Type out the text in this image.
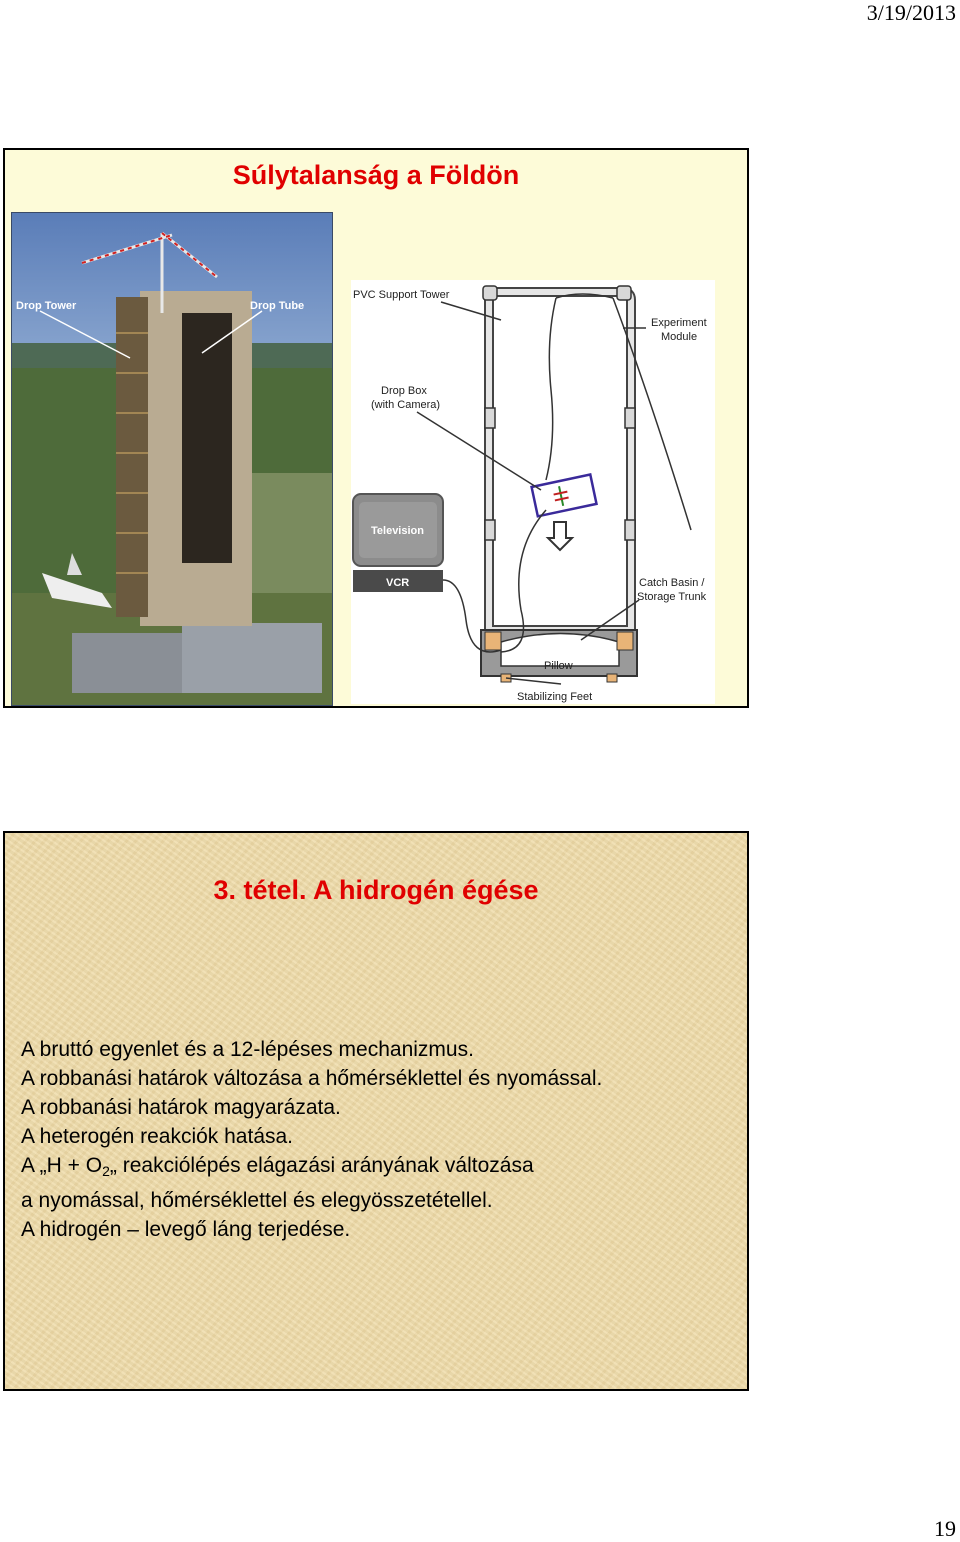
3/19/2013
Súlytalanság a Földön
Drop Tower	Drop Tube
Television
VCR
PVC Support Tower
Experiment
Module
Drop Box
(with Camera)
Catch Basin /
Storage Trunk
Pillow
Stabilizing Feet
3. tétel. A hidrogén égése
A bruttó egyenlet és a 12-lépéses mechanizmus.
A robbanási határok változása a hőmérséklettel és nyomással.
A robbanási határok magyarázata.
A heterogén reakciók hatása.
A „H + $O_2„$ reakciólépés elágazási arányának változása
a nyomással, hőmérséklettel és elegyösszetétellel.
A hidrogén – levegő láng terjedése.
19
